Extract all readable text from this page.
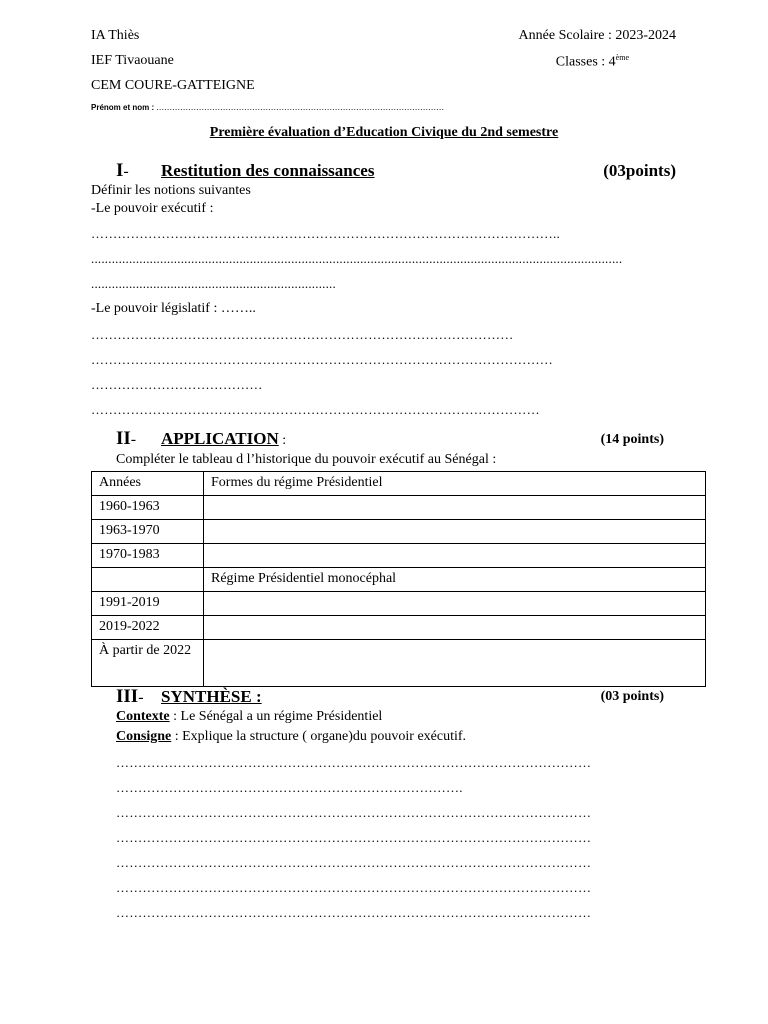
IA Thiès
IEF Tivaouane
CEM COURE-GATTEIGNE
Année Scolaire : 2023-2024
Classes : 4ème
Prénom et nom : ………………………………………………………………………………………………
Première évaluation d’Education Civique du 2nd semestre
I- Restitution des connaissances	(03points)
Définir les notions suivantes
-Le pouvoir exécutif :
……………………………………………………………………………………………..
..........................................................................................................................................................
.......................................................................
-Le pouvoir législatif : ……..
……………………………………………………………………………………
……………………………………………………………………………………………
…………………………………
…………………………………………………………………………………………
II- APPLICATION :	(14 points)
Compléter le tableau d l’historique du pouvoir exécutif au Sénégal :
Années	Formes du régime Présidentiel
1960-1963	
1963-1970	
1970-1983	
	Régime Présidentiel monocéphal
1991-2019	
2019-2022	
À partir de 2022	
III- SYNTHÈSE :	(03 points)
Contexte : Le Sénégal a un régime Présidentiel
Consigne : Explique la structure ( organe)du pouvoir exécutif.
………………………………………………………………………………………………
…………………………………………………………………….
………………………………………………………………………………………………
………………………………………………………………………………………………
………………………………………………………………………………………………
………………………………………………………………………………………………
………………………………………………………………………………………………
